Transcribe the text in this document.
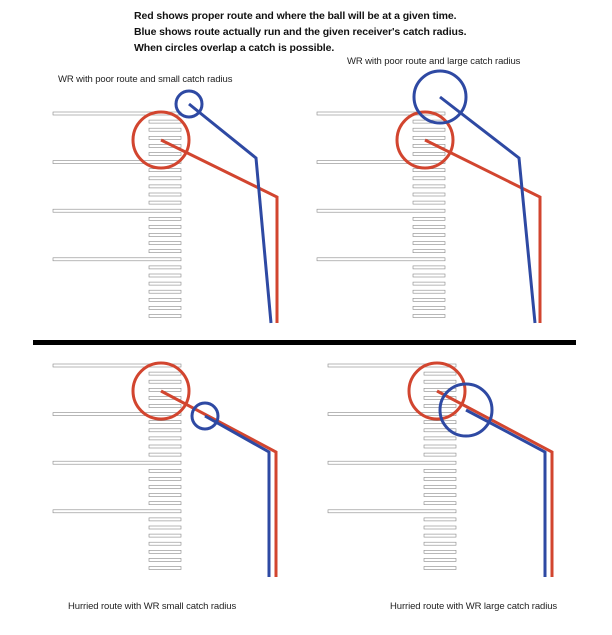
Red shows proper route and where the ball will be at a given time.
Blue shows route actually run and the given receiver's catch radius.
When circles overlap a catch is possible.
WR with poor route and small catch radius
WR with poor route and large catch radius
Hurried route with WR small catch radius	Hurried route with WR large catch radius
